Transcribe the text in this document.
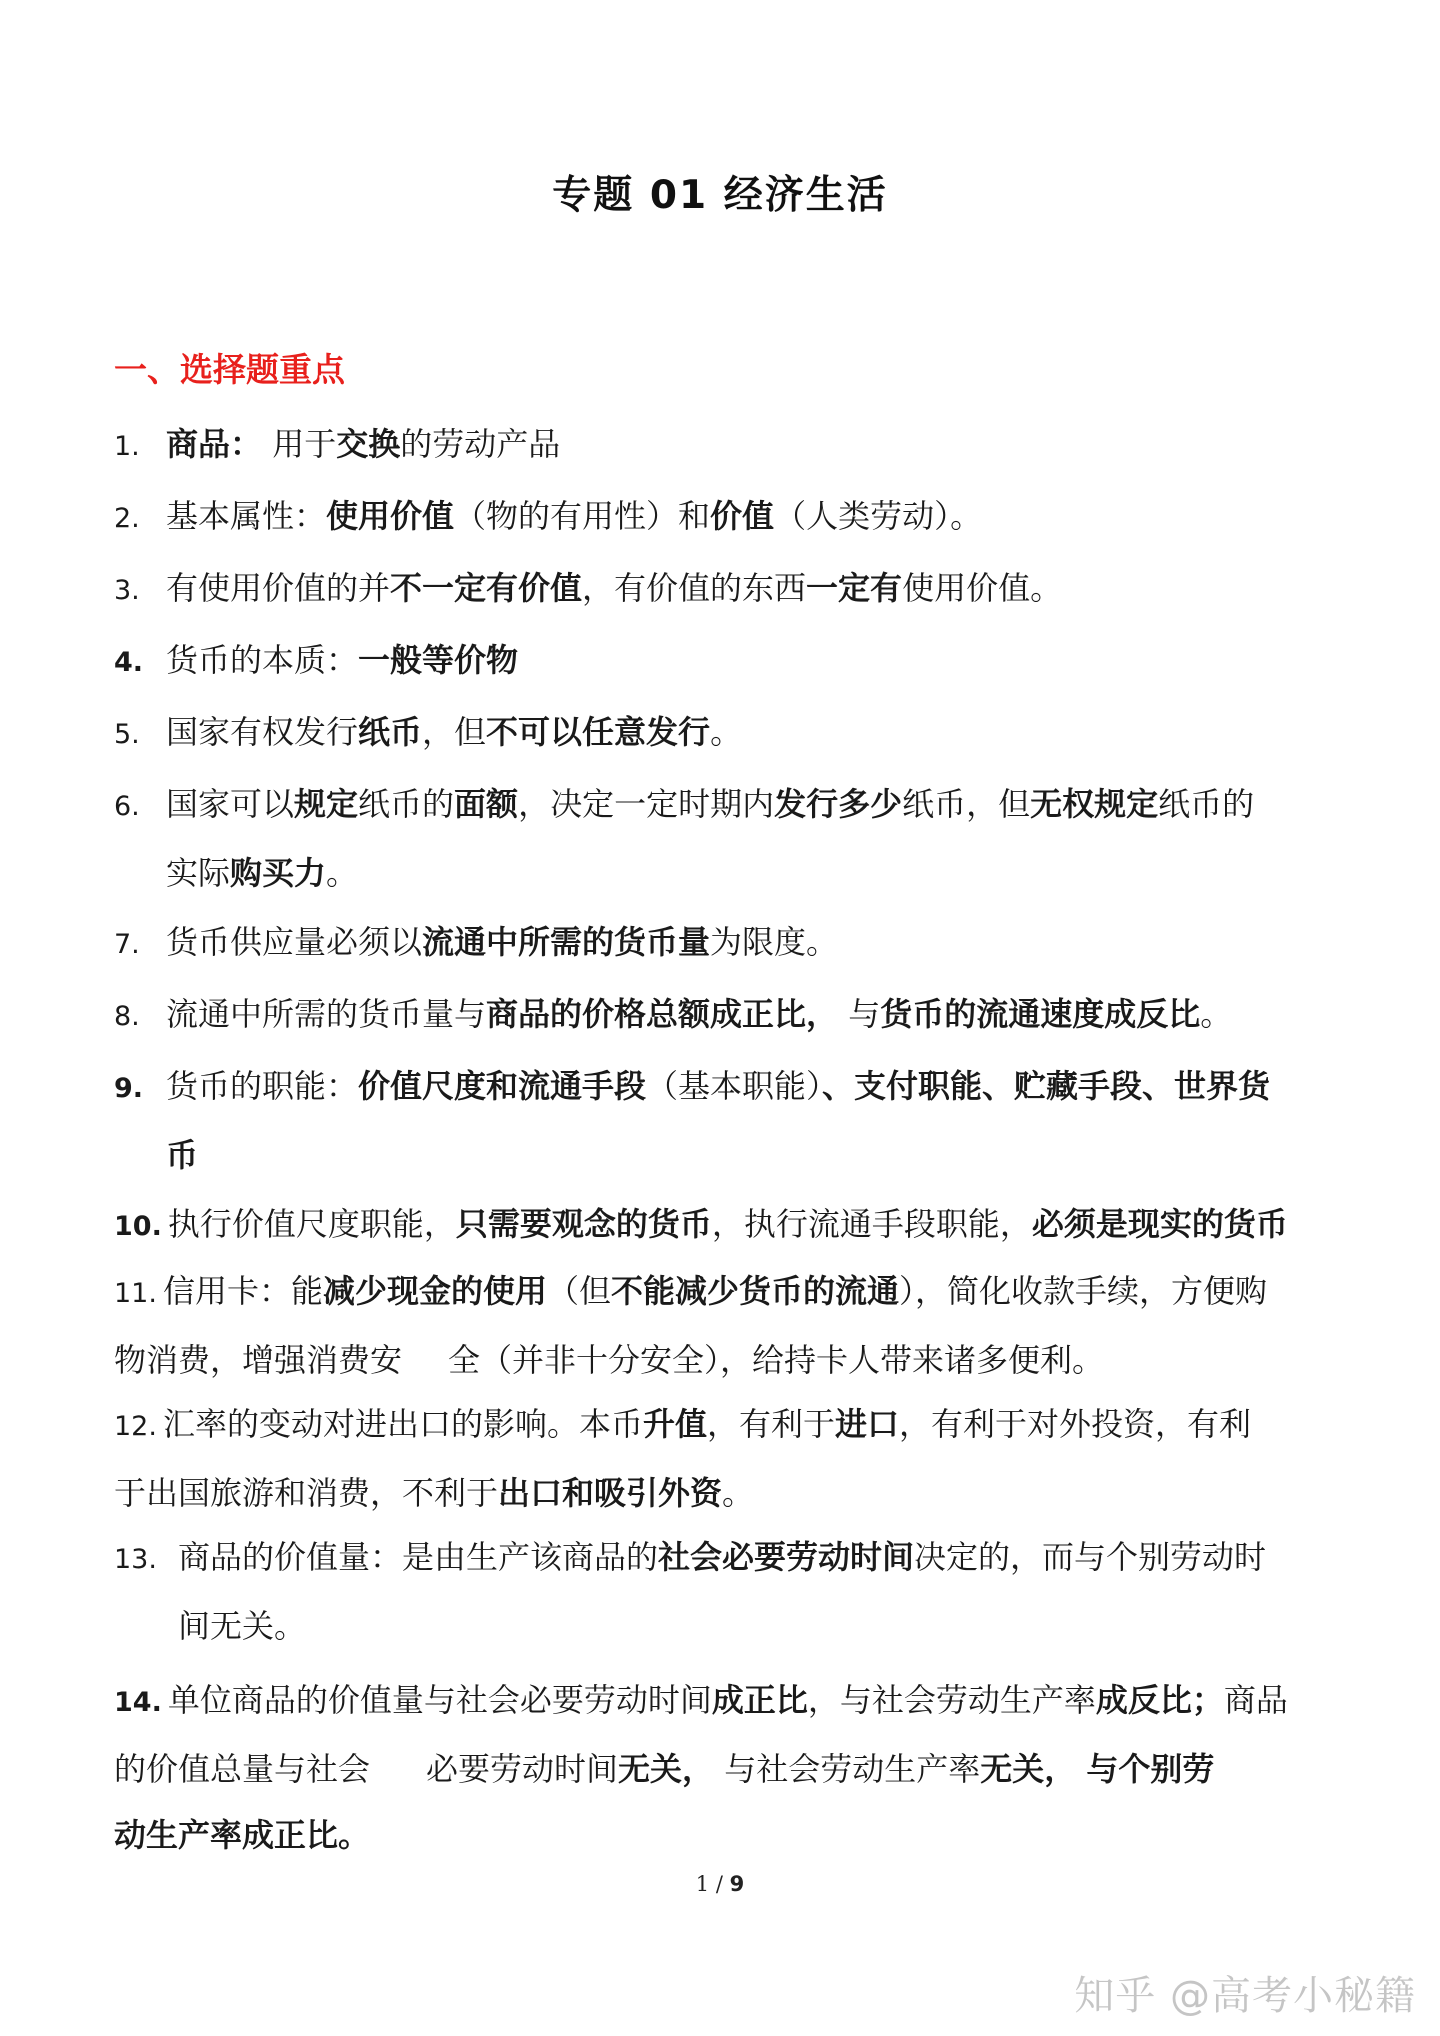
专题 01 经济生活
一、选择题重点
1. 商品： 用于交换的劳动产品
2. 基本属性：使用价值（物的有用性）和价值（人类劳动）。
3. 有使用价值的并不一定有价值，有价值的东西一定有使用价值。
4. 货币的本质：一般等价物
5. 国家有权发行纸币，但不可以任意发行。
6. 国家可以规定纸币的面额，决定一定时期内发行多少纸币，但无权规定纸币的
实际购买力。
7. 货币供应量必须以流通中所需的货币量为限度。
8. 流通中所需的货币量与商品的价格总额成正比， 与货币的流通速度成反比。
9. 货币的职能：价值尺度和流通手段（基本职能）、支付职能、贮藏手段、世界货
币
10. 执行价值尺度职能，只需要观念的货币，执行流通手段职能，必须是现实的货币
11. 信用卡：能减少现金的使用（但不能减少货币的流通），简化收款手续，方便购
物消费，增强消费安 全（并非十分安全），给持卡人带来诸多便利。
12. 汇率的变动对进出口的影响。本币升值，有利于进口，有利于对外投资，有利
于出国旅游和消费，不利于出口和吸引外资。
13. 商品的价值量：是由生产该商品的社会必要劳动时间决定的，而与个别劳动时
间无关。
14. 单位商品的价值量与社会必要劳动时间成正比，与社会劳动生产率成反比；商品
的价值总量与社会 必要劳动时间无关， 与社会劳动生产率无关， 与个别劳
动生产率成正比。
1 / 9
知乎 @高考小秘籍
